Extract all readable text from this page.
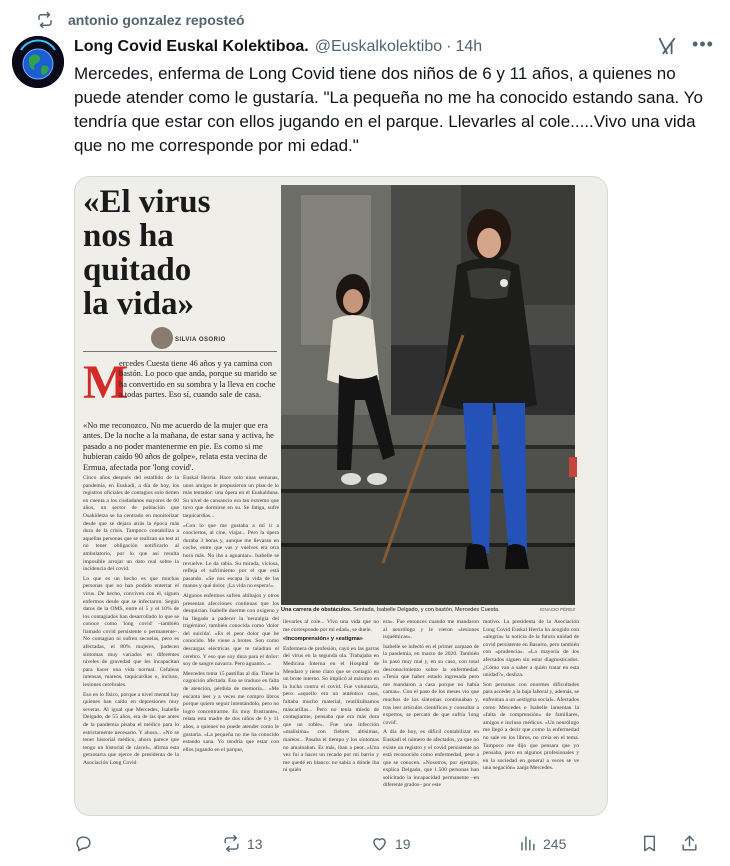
antonio gonzalez reposteó
Long Covid Euskal Kolektiboa. @Euskalkolektibo · 14h	•••
Mercedes, enferma de Long Covid tiene dos niños de 6 y 11 años, a quienes no puede atender como le gustaría. "La pequeña no me ha conocido estando sana. Yo tendría que estar con ellos jugando en el parque. Llevarles al cole.....Vivo una vida que no me corresponde por mi edad."
«El virus
nos ha
quitado
la vida»
SILVIA OSORIO
M
ercedes Cuesta tiene 46 años y ya camina con bastón. Lo poco que anda, porque su marido se ha convertido en su sombra y la lleva en coche a todas partes. Eso sí, cuando sale de casa.
«No me reconozco. No me acuerdo de la mujer que era antes. De la noche a la mañana, de estar sana y activa, he pasado a no poder mantenerme en pie. Es como si me hubieran caído 90 años de golpe», relata esta vecina de Ermua, afectada por 'long covid'.
Una carrera de obstáculos. Sentada, Isabelle Delgado, y con bastón, Mercedes Cuesta.	IGNACIO PÉREZ

Cinco años después del estallido de la pandemia, en Euskadi, a día de hoy, los registros oficiales de contagios solo tienen en cuenta a los ciudadanos mayores de 60 años, un sector de población que Osakidetza se ha centrado en monitorizar desde que se dejara atrás la época más dura de la crisis. Tampoco contabiliza a aquellas personas que se realizan un test al no tener obligación notificarlo al ambulatorio, por lo que así resulta imposible arrojar un dato real sobre la incidencia del covid.

Lo que es un hecho es que muchas personas que no han podido enterrar el virus. De hecho, conviven con él, siguen enfermos desde que se infectaron. Según datos de la OMS, entre el 5 y el 10% de los contagiados han desarrollado lo que se conoce como 'long covid' –también llamado covid persistente o permanente–. No contagian ni sufren secuelas, pero es afectadas, el 80% mujeres, padecen síntomas muy variados en diferentes niveles de gravedad que les incapacitan para hacer una vida normal. Cefaleas intensas, mareos, taquicardias o, incluso, lesiones cerebrales.

Eso en lo físico, porque a nivel mental hay quienes han caído en depresiones muy severas. Al igual que Mercedes, Isabelle Delgado, de 55 años, era de las que antes de la pandemia pisaba el médico para lo estrictamente necesario. Y ahora... «No se tener historial médico, ahora parece que tengo un historial de cárcel», afirma esta getxotarra que ejerce de presidenta de la Asociación Long Covid

Euskal Herria. Hace solo unas semanas, unos amigos le propusieron un plan de lo más tentador: una ópera en el Euskalduna. Su nivel de cansancio era tan extremo que tuvo que dormirse en su. Se fatiga, sufre taquicardias...

«Con lo que me gustaba a mí ir a conciertos, al cine, viajar... Pero la ópera duraba 3 horas y, aunque me llevaran en coche, entre que vas y vuelves era otra hora más. No iba a aguantar». Isabelle se revuelve. Le da rabia. Su mirada, viciosa, refleja el sufrimiento por el que está pasando. «Se nos escapa la vida de las manos y qué dolor. ¡La vida no espera!».

Algunos enfermos sufren altibajos y otros presentan afecciones continuas que los desquician. Isabelle duerme con oxígeno y ha llegado a padecer la 'neuralgia del trigémino', también conocida como 'dolor del suicida'. «Es el peor dolor que he conocido. Me viene a brotes. Son como descargas eléctricas que te taladran el cerebro. Y eso que soy dura para el dolor: soy de sangre navarra. Pero aguanto...»

Mercedes toma 15 pastillas al día. Tiene la cognición afectada. Eso se traduce en falta de atención, pérdida de memoria... «Me encanta leer y a veces me compro libros porque quiero seguir intentándolo, pero no logro concentrarme. Es muy frustrante», relata esta madre de dos niños de 6 y 11 años, a quienes no puede atender como le gustaría. «La pequeña no me ha conocido estando sana. Yo tendría que estar con ellos jugando en el parque,

llevarles al cole... Vivo una vida que no me corresponde por mi edad», se duele.

«Incomprensión» y «estigma»

Enfermera de profesión, cayó en las garras del virus en la segunda ola. Trabajaba en Medicina Interna en el Hospital de Mendaro y tiene claro que se contagió en un brote interno. So implicó al máximo en la lucha contra el covid. Fue voluntaria, pero «aquello era un auténtico caos, faltaba mucho material, reutilizábamos mascarillas... Pero no tenía miedo de contagiarme, pensaba que era más dura que un roble». Fue una infección «malísima» con fiebres altísimas, mareos... Pasaba el tiempo y los síntomas no amainaban. Es más, iban a peor. «Una vez fui a hacer un recado por mi barrio y me quedé en blanco: no sabía a dónde iba ni quién

era». Fue entonces cuando me mandaron al neurólogo y le vieron «lesiones isquémicas».

Isabelle se infectó en el primer zarpazo de la pandemia, en marzo de 2020. También lo pasó muy mal y, en su caso, con total desconocimiento sobre la enfermedad. «Tenía que haber estado ingresada pero me mandaron a casa porque no había camas». Con el paso de los meses vio que muchos de los síntomas continuaban y, tras leer artículos científicos y consultar a expertos, se percató de que sufría 'long covid'.

A día de hoy, es difícil contabilizar en Euskadi el número de afectados, ya que no existe un registro y el covid persistente no está reconocido como enfermedad, pese a que se conocen. «Nosotros, por ejemplo, explica Delgado, que 1.500 personas han solicitado la incapacidad permanente –en diferente grados– por este

motivo. La presidenta de la Asociación Long Covid Euskal Herria ha acogido con «alegría» la noticia de la futura unidad de covid persistente en Basurto, pero también con «prudencia». «La mayoría de los afectados siguen sin estar diagnosticados. ¿Cómo van a saber a quién tratar en esta unidad?», desliza.

Son personas con enormes dificultades para acceder a la baja laboral y, además, se enfrentan a un «estigma social». Afectados como Mercedes e Isabelle lamentan la «falta de comprensión» de familiares, amigos e incluso médicos. «Un neurólogo me llegó a decir que como la enfermedad no sale en los libros, no creía en el tema. Tampoco me dijo que pensara que yo pensaba, pero en algunos profesionales y en la sociedad en general a veces se ve una negación» zanja Mercedes.

13	19	245
